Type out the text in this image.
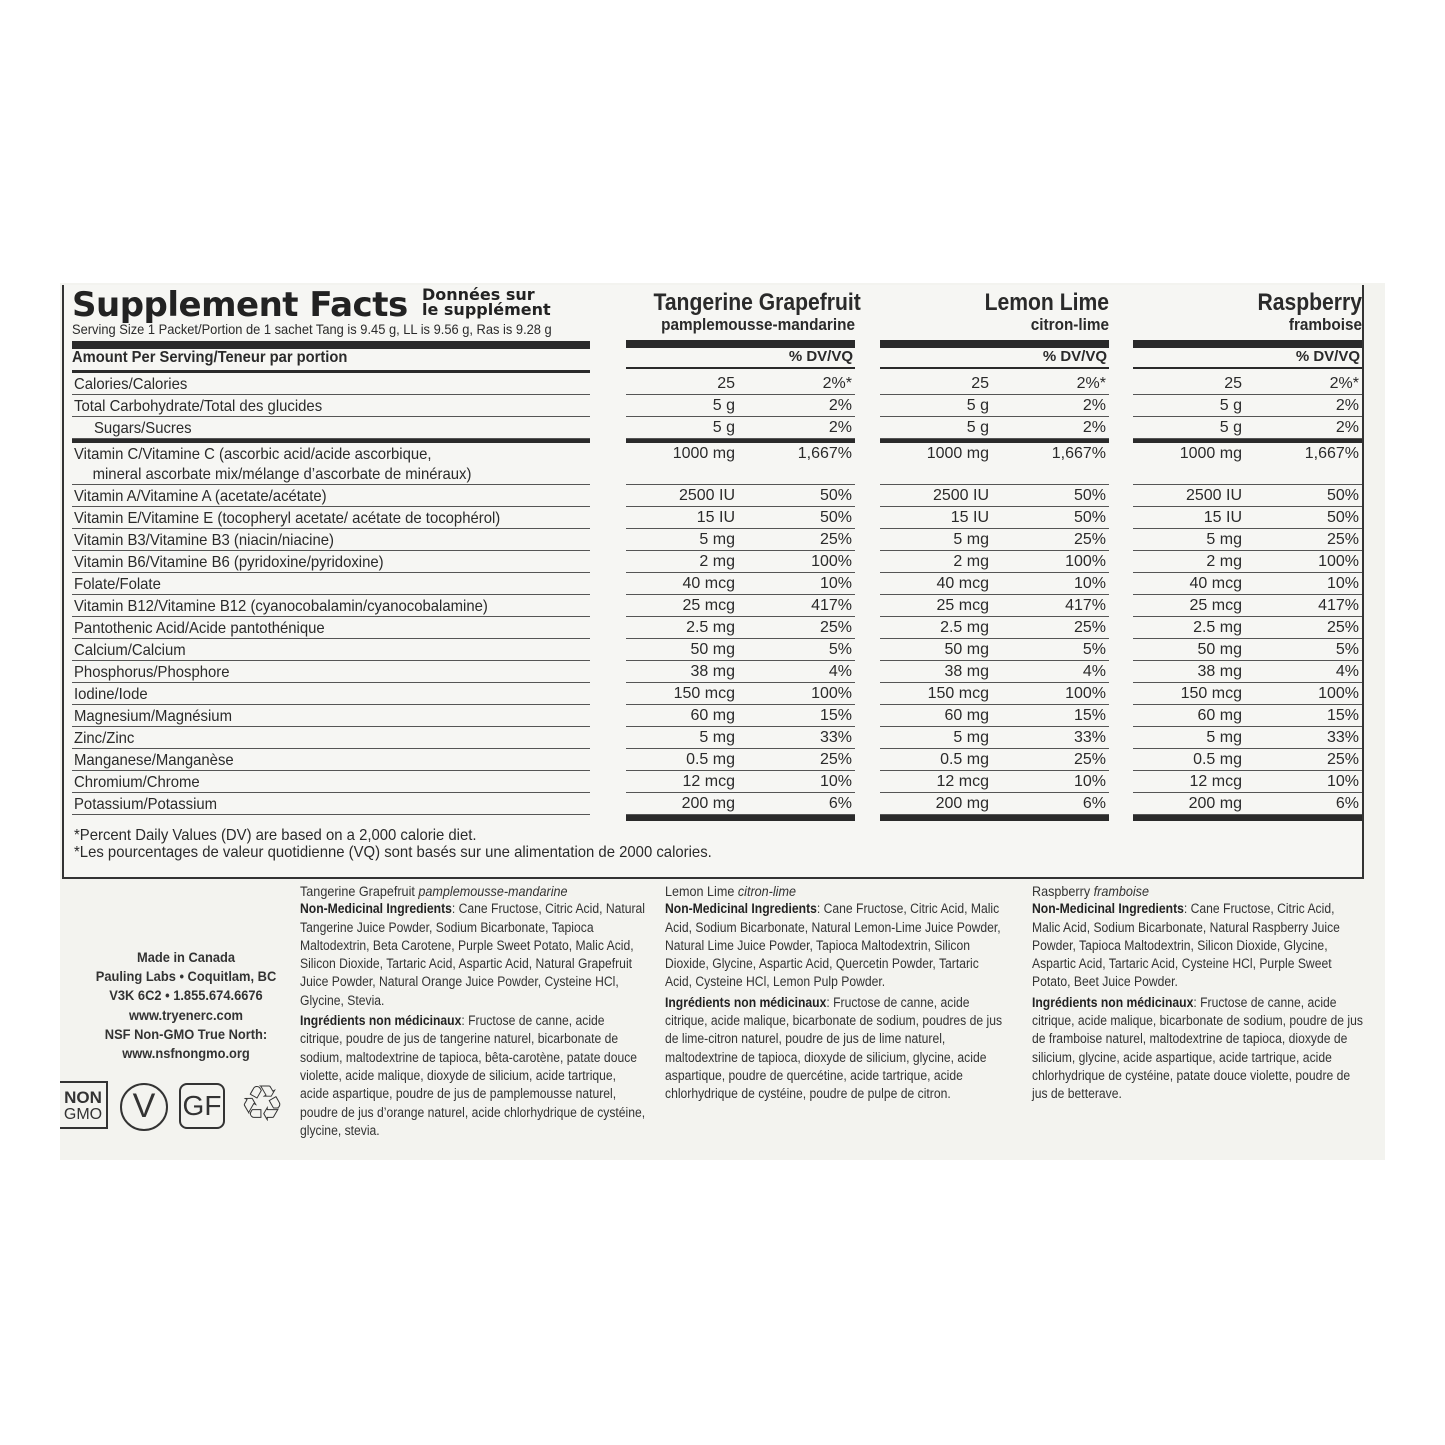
Supplement Facts Données sur
le supplément
Serving Size 1 Packet/Portion de 1 sachet Tang is 9.45 g, LL is 9.56 g, Ras is 9.28 g
Amount Per Serving/Teneur par portion
Tangerine Grapefruit
pamplemousse-mandarine
% DV/VQ
Lemon Lime
citron-lime
% DV/VQ
Raspberry
framboise
% DV/VQ
Calories/Calories	25	2%*	25	2%*	25	2%*
Total Carbohydrate/Total des glucides	5 g	2%	5 g	2%	5 g	2%
Sugars/Sucres	5 g	2%	5 g	2%	5 g	2%
Vitamin C/Vitamine C (ascorbic acid/acide ascorbique,
mineral ascorbate mix/mélange d’ascorbate de minéraux)
1000 mg	1,667%	1000 mg	1,667%	1000 mg	1,667%
Vitamin A/Vitamine A (acetate/acétate)	2500 IU	50%	2500 IU	50%	2500 IU	50%
Vitamin E/Vitamine E (tocopheryl acetate/ acétate de tocophérol)	15 IU	50%	15 IU	50%	15 IU	50%
Vitamin B3/Vitamine B3 (niacin/niacine)	5 mg	25%	5 mg	25%	5 mg	25%
Vitamin B6/Vitamine B6 (pyridoxine/pyridoxine)	2 mg	100%	2 mg	100%	2 mg	100%
Folate/Folate	40 mcg	10%	40 mcg	10%	40 mcg	10%
Vitamin B12/Vitamine B12 (cyanocobalamin/cyanocobalamine)	25 mcg	417%	25 mcg	417%	25 mcg	417%
Pantothenic Acid/Acide pantothénique	2.5 mg	25%	2.5 mg	25%	2.5 mg	25%
Calcium/Calcium	50 mg	5%	50 mg	5%	50 mg	5%
Phosphorus/Phosphore	38 mg	4%	38 mg	4%	38 mg	4%
Iodine/Iode	150 mcg	100%	150 mcg	100%	150 mcg	100%
Magnesium/Magnésium	60 mg	15%	60 mg	15%	60 mg	15%
Zinc/Zinc	5 mg	33%	5 mg	33%	5 mg	33%
Manganese/Manganèse	0.5 mg	25%	0.5 mg	25%	0.5 mg	25%
Chromium/Chrome	12 mcg	10%	12 mcg	10%	12 mcg	10%
Potassium/Potassium	200 mg	6%	200 mg	6%	200 mg	6%
*Percent Daily Values (DV) are based on a 2,000 calorie diet.
*Les pourcentages de valeur quotidienne (VQ) sont basés sur une alimentation de 2000 calories.
Tangerine Grapefruit pamplemousse-mandarine
Non-Medicinal Ingredients: Cane Fructose, Citric Acid, Natural Tangerine Juice Powder, Sodium Bicarbonate, Tapioca Maltodextrin, Beta Carotene, Purple Sweet Potato, Malic Acid, Silicon Dioxide, Tartaric Acid, Aspartic Acid, Natural Grapefruit Juice Powder, Natural Orange Juice Powder, Cysteine HCl, Glycine, Stevia.
Ingrédients non médicinaux: Fructose de canne, acide citrique, poudre de jus de tangerine naturel, bicarbonate de sodium, maltodextrine de tapioca, bêta-carotène, patate douce violette, acide malique, dioxyde de silicium, acide tartrique, acide aspartique, poudre de jus de pamplemousse naturel, poudre de jus d’orange naturel, acide chlorhydrique de cystéine, glycine, stevia.
Lemon Lime citron-lime
Non-Medicinal Ingredients: Cane Fructose, Citric Acid, Malic Acid, Sodium Bicarbonate, Natural Lemon-Lime Juice Powder, Natural Lime Juice Powder, Tapioca Maltodextrin, Silicon Dioxide, Glycine, Aspartic Acid, Quercetin Powder, Tartaric Acid, Cysteine HCl, Lemon Pulp Powder.
Ingrédients non médicinaux: Fructose de canne, acide citrique, acide malique, bicarbonate de sodium, poudres de jus de lime-citron naturel, poudre de jus de lime naturel, maltodextrine de tapioca, dioxyde de silicium, glycine, acide aspartique, poudre de quercétine, acide tartrique, acide chlorhydrique de cystéine, poudre de pulpe de citron.
Raspberry framboise
Non-Medicinal Ingredients: Cane Fructose, Citric Acid, Malic Acid, Sodium Bicarbonate, Natural Raspberry Juice Powder, Tapioca Maltodextrin, Silicon Dioxide, Glycine, Aspartic Acid, Tartaric Acid, Cysteine HCl, Purple Sweet Potato, Beet Juice Powder.
Ingrédients non médicinaux: Fructose de canne, acide citrique, acide malique, bicarbonate de sodium, poudre de jus de framboise naturel, maltodextrine de tapioca, dioxyde de silicium, glycine, acide aspartique, acide tartrique, acide chlorhydrique de cystéine, patate douce violette, poudre de jus de betterave.
Made in Canada
Pauling Labs • Coquitlam, BC
V3K 6C2 • 1.855.674.6676
www.tryenerc.com
NSF Non-GMO True North:
www.nsfnongmo.org
NON
GMO V GF ♲
